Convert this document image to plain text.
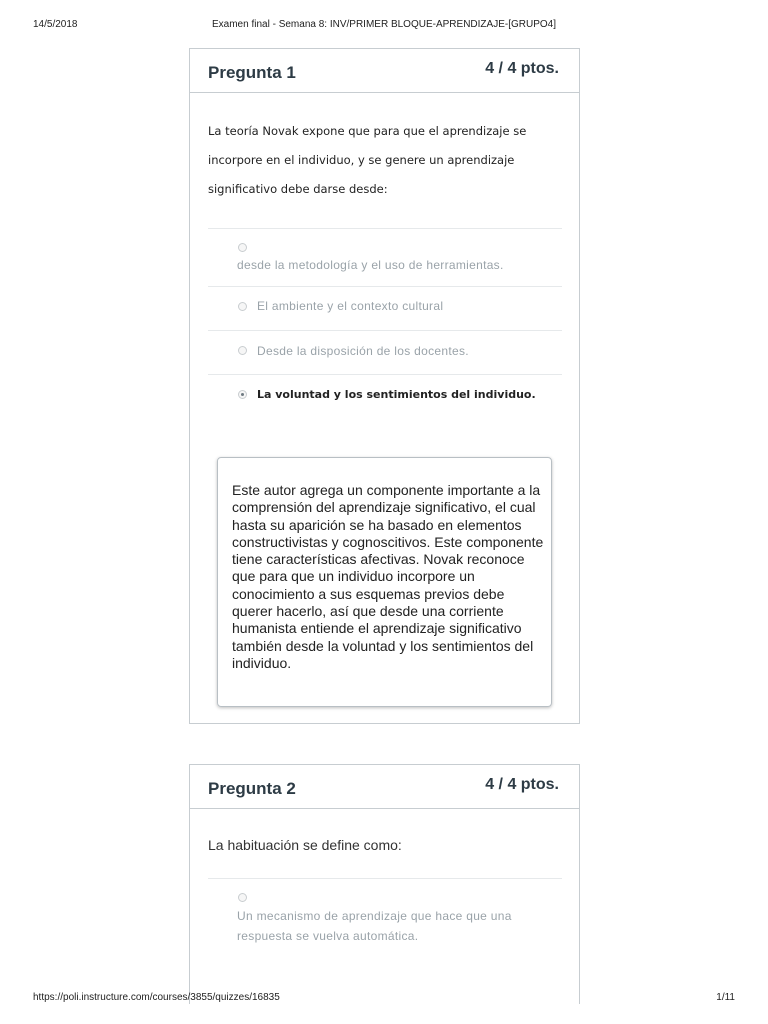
14/5/2018	Examen final - Semana 8: INV/PRIMER BLOQUE-APRENDIZAJE-[GRUPO4]
Pregunta 1	4 / 4 ptos.
La teoría Novak expone que para que el aprendizaje se
incorpore en el individuo, y se genere un aprendizaje
significativo debe darse desde:
desde la metodología y el uso de herramientas.
El ambiente y el contexto cultural
Desde la disposición de los docentes.
La voluntad y los sentimientos del individuo.
Este autor agrega un componente importante a la comprensión del aprendizaje significativo, el cual hasta su aparición se ha basado en elementos constructivistas y cognoscitivos. Este componente tiene características afectivas. Novak reconoce que para que un individuo incorpore un conocimiento a sus esquemas previos debe querer hacerlo, así que desde una corriente humanista entiende el aprendizaje significativo también desde la voluntad y los sentimientos del individuo.
Pregunta 2	4 / 4 ptos.
La habituación se define como:
Un mecanismo de aprendizaje que hace que una
respuesta se vuelva automática.
https://poli.instructure.com/courses/3855/quizzes/16835	1/11
